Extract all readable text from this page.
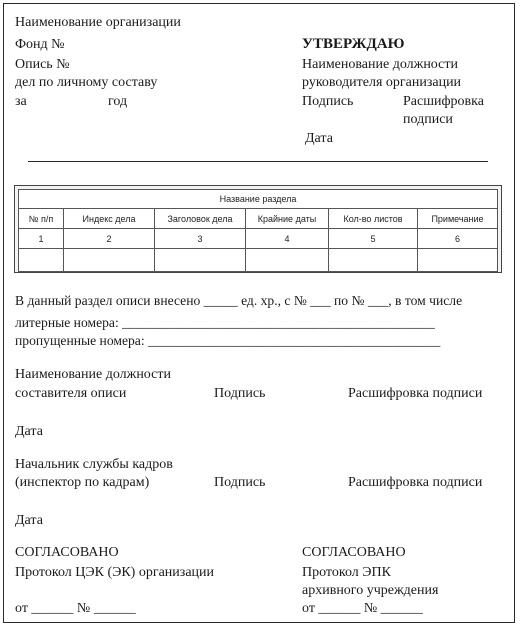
Наименование организации
Фонд №
Опись №
дел по личному составу
за	год
УТВЕРЖДАЮ
Наименование должности
руководителя организации
Подпись	Расшифровка
подписи
Дата
Название раздела					
№ п/п	Индекс дела	Заголовок дела	Крайние даты	Кол-во листов	Примечание
1	2	3	4	5	6

В данный раздел описи внесено _____ ед. хр., с № ___ по № ___, в том числе
литерные номера: ______________________________________________
пропущенные номера: ___________________________________________
Наименование должности
составителя описи	Подпись	Расшифровка подписи
Дата
Начальник службы кадров
(инспектор по кадрам)	Подпись	Расшифровка подписи
Дата
СОГЛАСОВАНО
Протокол ЦЭК (ЭК) организации
от ______ № ______
СОГЛАСОВАНО
Протокол ЭПК
архивного учреждения
от ______ № ______
